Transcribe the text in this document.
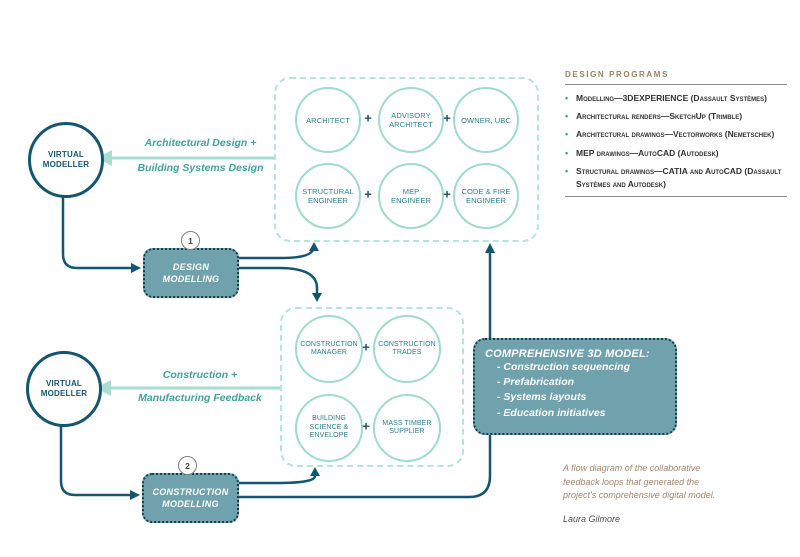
VIRTUAL MODELLER
VIRTUAL MODELLER
Architectural Design +
Building Systems Design
Construction +
Manufacturing Feedback
ARCHITECT +	ADVISORY ARCHITECT + OWNER, UBC
STRUCTURAL ENGINEER	+	MEP ENGINEER +	CODE & FIRE ENGINEER
CONSTRUCTION MANAGER	+	CONSTRUCTION TRADES
BUILDING SCIENCE & ENVELOPE
+	MASS TIMBER SUPPLIER
DESIGN MODELLING
1
CONSTRUCTION MODELLING
2
COMPREHENSIVE 3D MODEL:
- Construction sequencing
- Prefabrication
- Systems layouts
- Education initiatives
DESIGN PROGRAMS
• Modelling—3DEXPERIENCE (Dassault Systèmes)
• Architectural renders—SketchUp (Trimble)
• Architectural drawings—Vectorworks (Nemetschek)
• MEP drawings—AutoCAD (Autodesk)
• Structural drawings—CATIA and AutoCAD (Dassault Systèmes and Autodesk)
A flow diagram of the collaborative feedback loops that generated the project's comprehensive digital model.
Laura Gilmore
